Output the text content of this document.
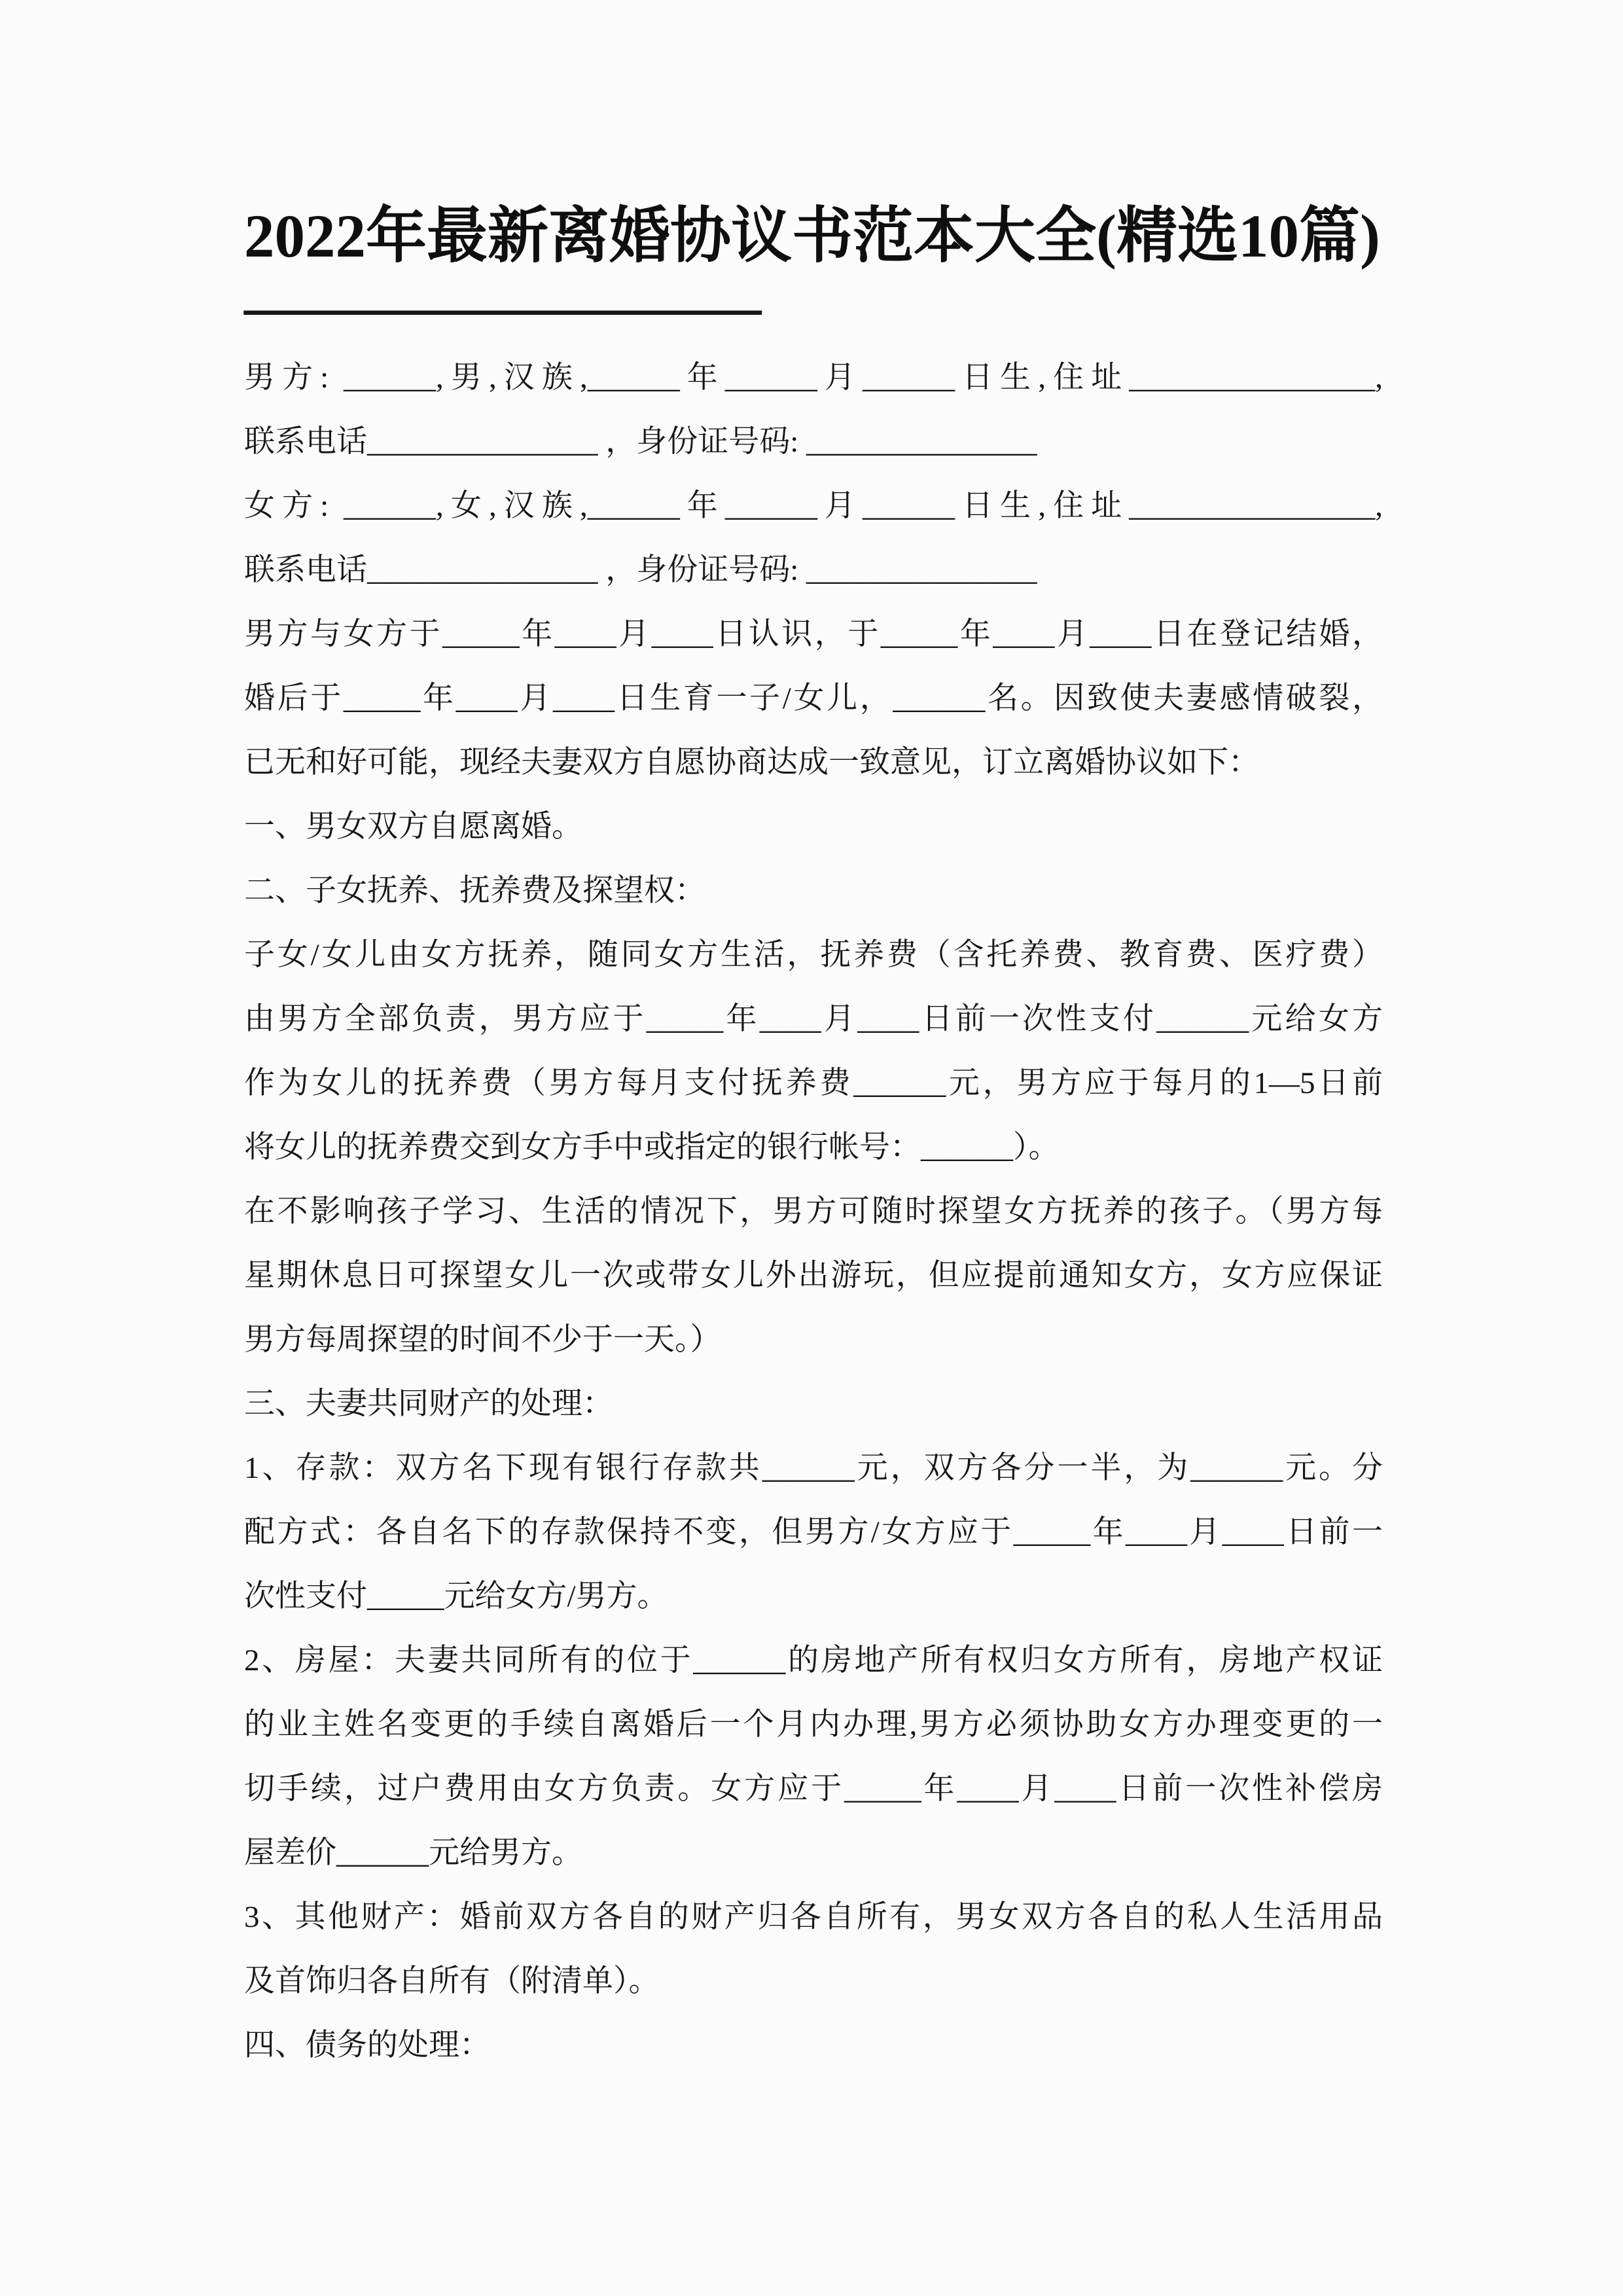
2022年最新离婚协议书范本大全(精选10篇)
_________________
男方: ______,男,汉族,______年______月______日生,住址________________,
联系电话_______________ ，身份证号码: _______________
女方: ______,女,汉族,______年______月______日生,住址________________,
联系电话_______________ ，身份证号码: _______________
男方与女方于_____年____月____日认识，于_____年____月____日在登记结婚，
婚后于_____年____月____日生育一子/女儿，______名。因致使夫妻感情破裂，
已无和好可能，现经夫妻双方自愿协商达成一致意见，订立离婚协议如下：
一、男女双方自愿离婚。
二、子女抚养、抚养费及探望权：
子女/女儿由女方抚养，随同女方生活，抚养费（含托养费、教育费、医疗费）
由男方全部负责，男方应于_____年____月____日前一次性支付______元给女方
作为女儿的抚养费（男方每月支付抚养费______元，男方应于每月的1—5日前
将女儿的抚养费交到女方手中或指定的银行帐号：______）。
在不影响孩子学习、生活的情况下，男方可随时探望女方抚养的孩子。（男方每
星期休息日可探望女儿一次或带女儿外出游玩，但应提前通知女方，女方应保证
男方每周探望的时间不少于一天。）
三、夫妻共同财产的处理：
1、存款：双方名下现有银行存款共______元，双方各分一半，为______元。分
配方式：各自名下的存款保持不变，但男方/女方应于_____年____月____日前一
次性支付_____元给女方/男方。
2、房屋：夫妻共同所有的位于______的房地产所有权归女方所有，房地产权证
的业主姓名变更的手续自离婚后一个月内办理,男方必须协助女方办理变更的一
切手续，过户费用由女方负责。女方应于_____年____月____日前一次性补偿房
屋差价______元给男方。
3、其他财产：婚前双方各自的财产归各自所有，男女双方各自的私人生活用品
及首饰归各自所有（附清单）。
四、债务的处理：
